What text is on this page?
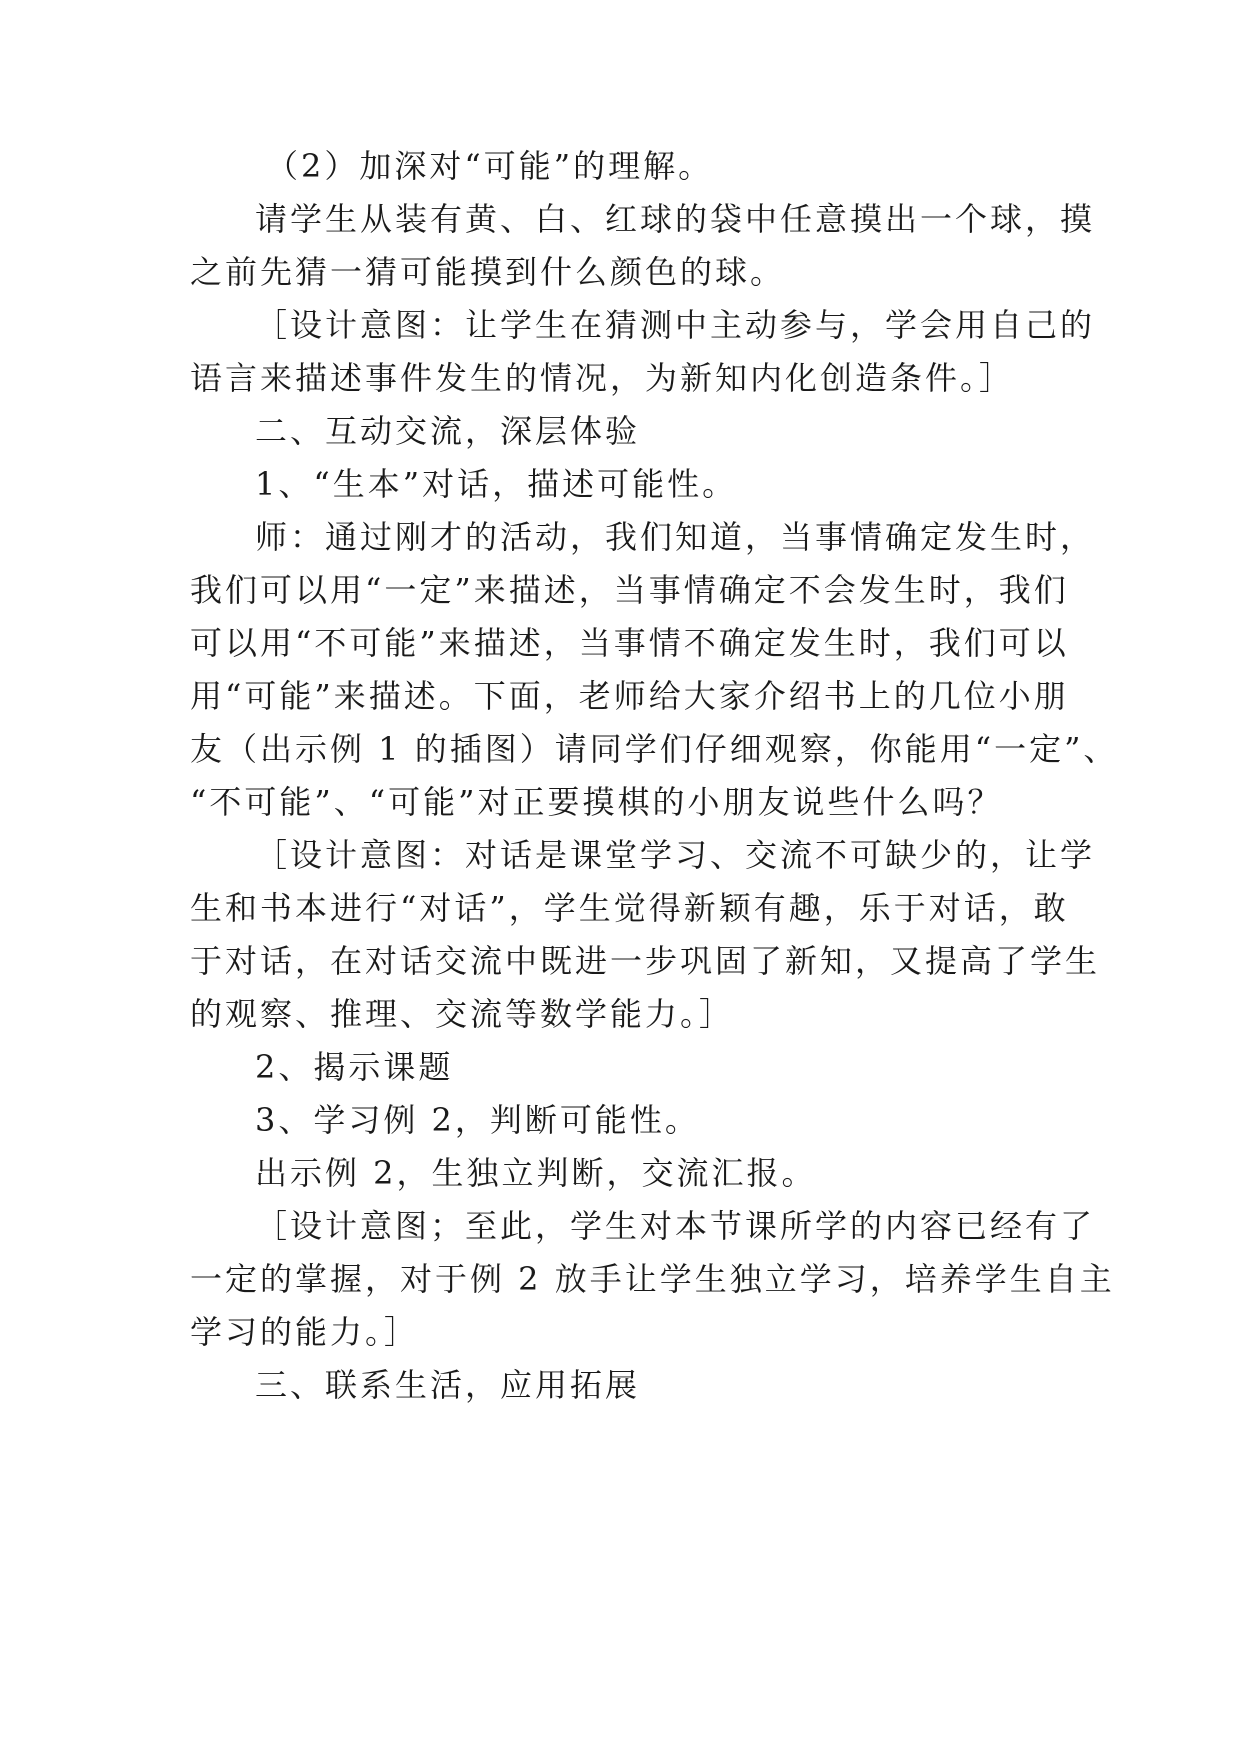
（2）加深对“可能”的理解。
请学生从装有黄、白、红球的袋中任意摸出一个球，摸
之前先猜一猜可能摸到什么颜色的球。
［设计意图：让学生在猜测中主动参与，学会用自己的
语言来描述事件发生的情况，为新知内化创造条件。］
二、互动交流，深层体验
1、“生本”对话，描述可能性。
师：通过刚才的活动，我们知道，当事情确定发生时，
我们可以用“一定”来描述，当事情确定不会发生时，我们
可以用“不可能”来描述，当事情不确定发生时，我们可以
用“可能”来描述。下面，老师给大家介绍书上的几位小朋
友（出示例 1 的插图）请同学们仔细观察，你能用“一定”、
“不可能”、“可能”对正要摸棋的小朋友说些什么吗？
［设计意图：对话是课堂学习、交流不可缺少的，让学
生和书本进行“对话”，学生觉得新颖有趣，乐于对话，敢
于对话，在对话交流中既进一步巩固了新知，又提高了学生
的观察、推理、交流等数学能力。］
2、揭示课题
3、学习例 2，判断可能性。
出示例 2，生独立判断，交流汇报。
［设计意图；至此，学生对本节课所学的内容已经有了
一定的掌握，对于例 2 放手让学生独立学习，培养学生自主
学习的能力。］
三、联系生活，应用拓展
